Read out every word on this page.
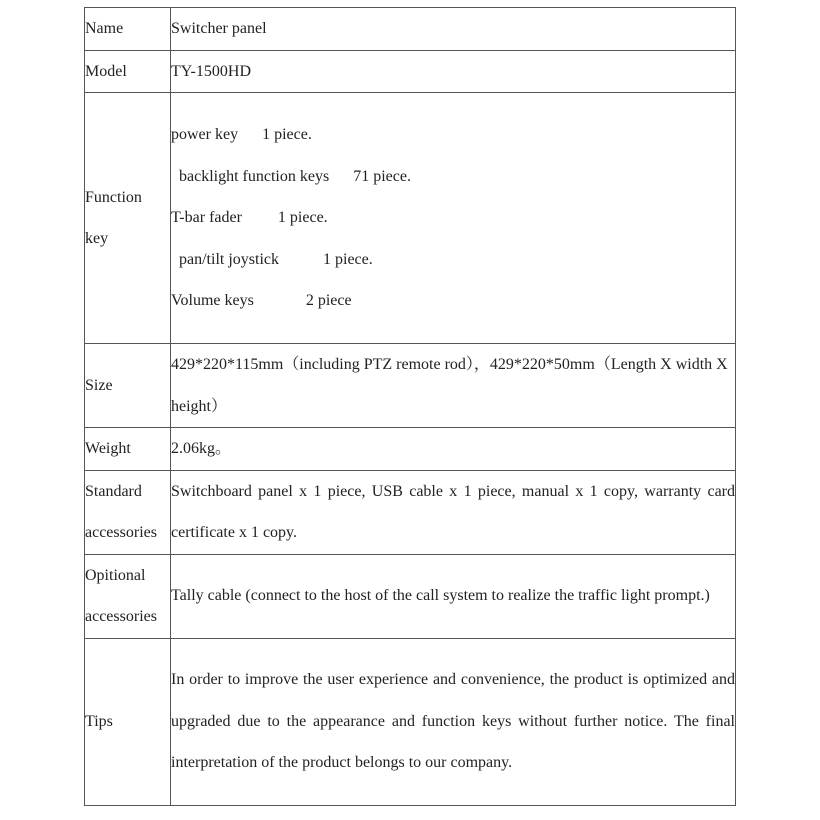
Name	Switcher panel
Model	TY-1500HD

Function
key	power key      1 piece.
backlight function keys      71 piece.
T-bar fader         1 piece.
pan/tilt joystick           1 piece.
Volume keys             2 piece

Size	429*220*115mm（including PTZ remote rod），429*220*50mm（Length X width X height）
Weight	2.06kg。

Standard
accessories	Switchboard panel x 1 piece, USB cable x 1 piece, manual x 1 copy, warranty card certificate x 1 copy.

Opitional
accessories	Tally cable (connect to the host of the call system to realize the traffic light prompt.)
Tips	In order to improve the user experience and convenience, the product is optimized and upgraded due to the appearance and function keys without further notice. The final interpretation of the product belongs to our company.
